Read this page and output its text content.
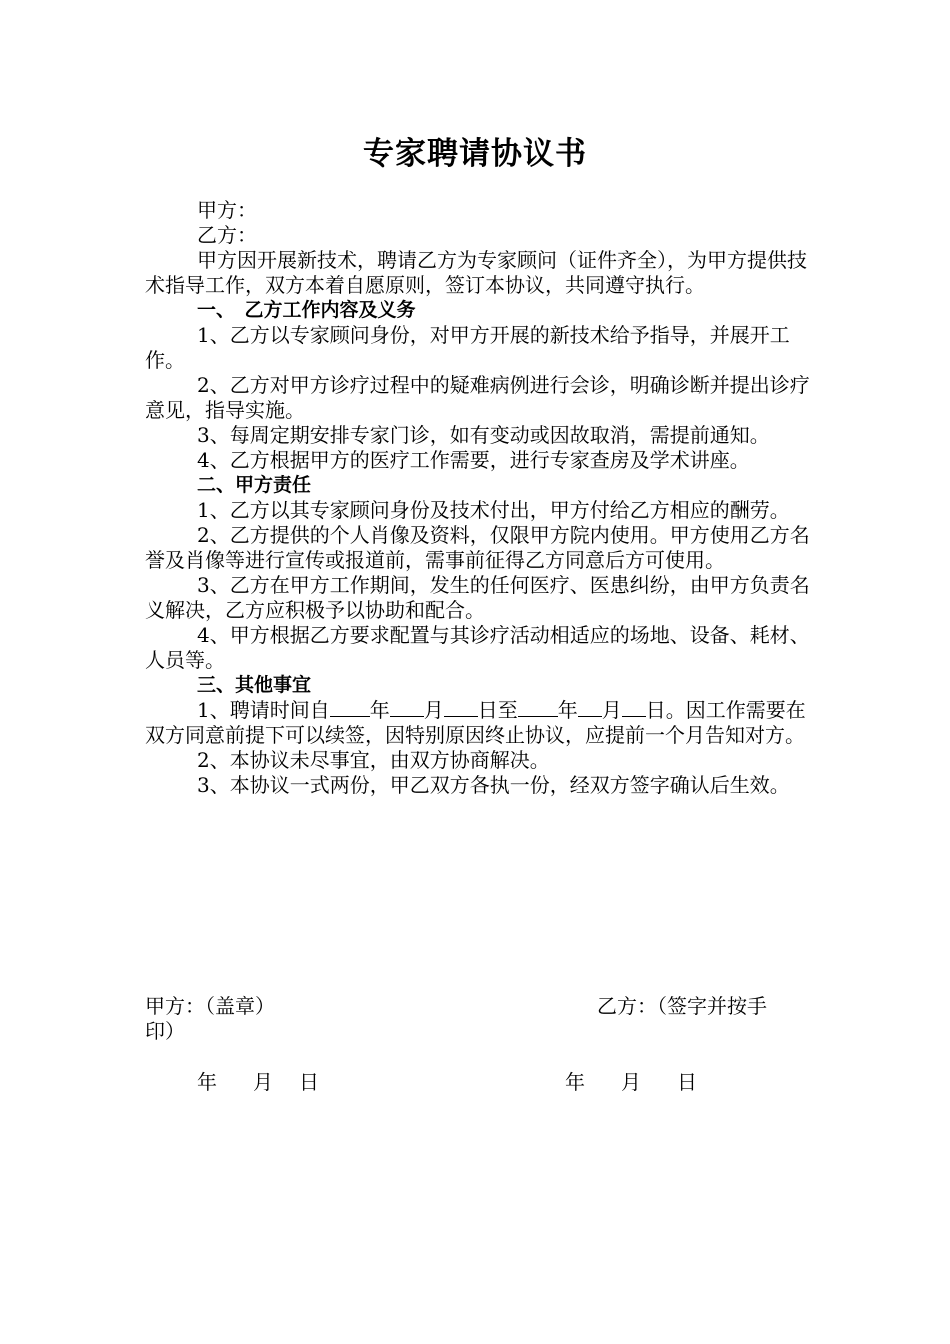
专家聘请协议书

甲方：

乙方：

甲方因开展新技术，聘请乙方为专家顾问（证件齐全），为甲方提供技术指导工作，双方本着自愿原则，签订本协议，共同遵守执行。

一、　乙方工作内容及义务

1、乙方以专家顾问身份，对甲方开展的新技术给予指导，并展开工作。

2、乙方对甲方诊疗过程中的疑难病例进行会诊，明确诊断并提出诊疗意见，指导实施。

3、每周定期安排专家门诊，如有变动或因故取消，需提前通知。

4、乙方根据甲方的医疗工作需要，进行专家查房及学术讲座。

二、甲方责任

1、乙方以其专家顾问身份及技术付出，甲方付给乙方相应的酬劳。

2、乙方提供的个人肖像及资料，仅限甲方院内使用。甲方使用乙方名誉及肖像等进行宣传或报道前，需事前征得乙方同意后方可使用。

3、乙方在甲方工作期间，发生的任何医疗、医患纠纷，由甲方负责名义解决，乙方应积极予以协助和配合。

4、甲方根据乙方要求配置与其诊疗活动相适应的场地、设备、耗材、人员等。

三、其他事宜

1、聘请时间自 年 月 日至 年 月 日。因工作需要在双方同意前提下可以续签，因特别原因终止协议，应提前一个月告知对方。

2、本协议未尽事宜，由双方协商解决。

3、本协议一式两份，甲乙双方各执一份，经双方签字确认后生效。

甲方：（盖章）	乙方：（签字并按手
印）
年 月 日	年 月 日
